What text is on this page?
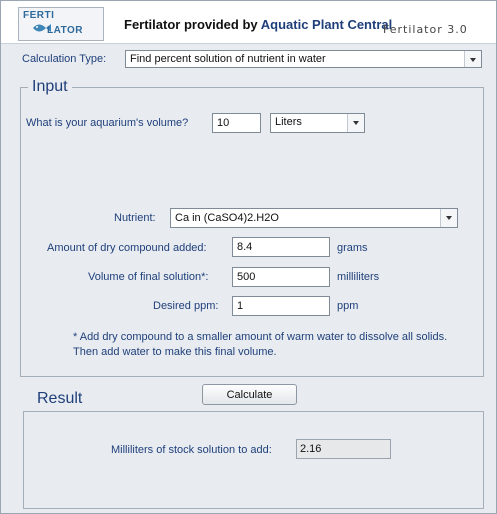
FERTI
LATOR	Fertilator provided by Aquatic Plant Central
Fertilator 3.0
Calculation Type: Find percent solution of nutrient in water
Input
What is your aquarium's volume?	10	Liters
Nutrient: Ca in (CaSO4)2.H2O
Amount of dry compound added:	8.4	grams
Volume of final solution*:	500	milliliters
Desired ppm:	1	ppm
* Add dry compound to a smaller amount of warm water to dissolve all solids. Then add water to make this final volume.
Calculate
Result
Milliliters of stock solution to add:	2.16
